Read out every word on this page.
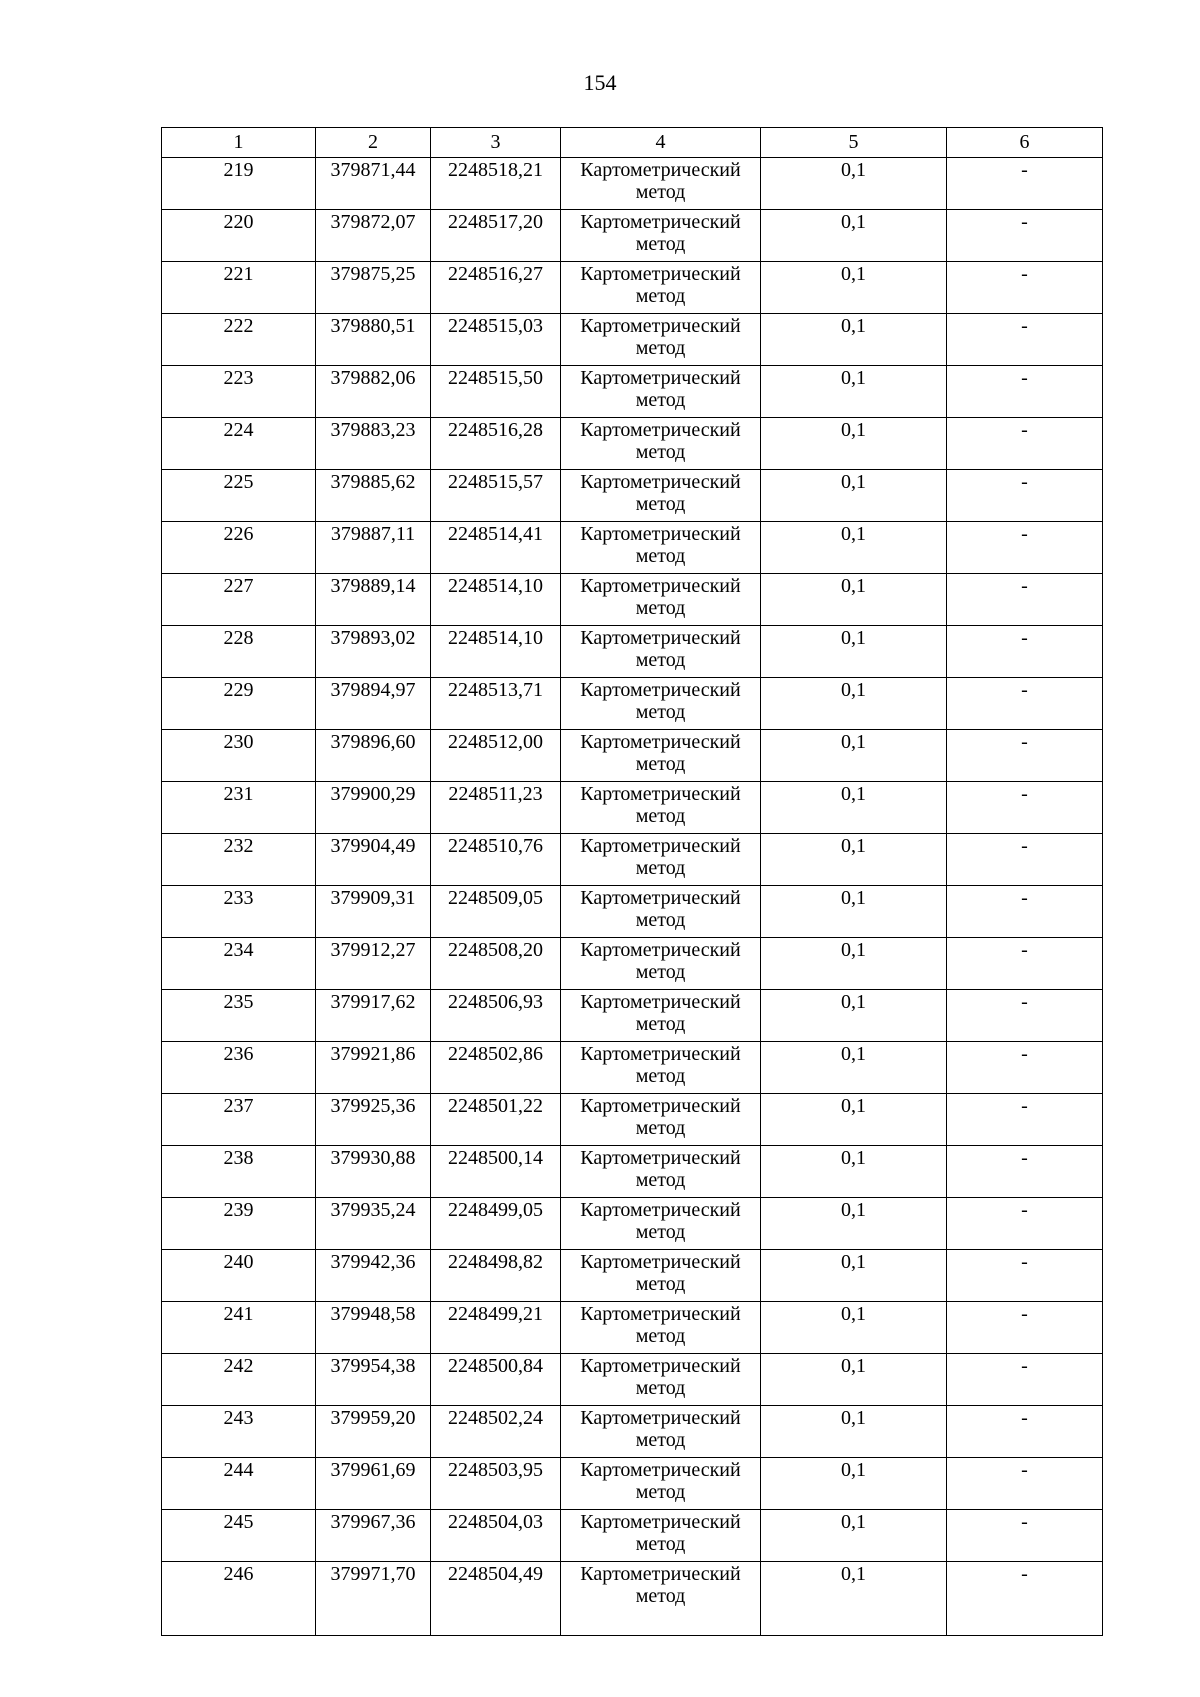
154
1	2	3	4	5	6
219	379871,44	2248518,21	Картометрический метод	0,1	-
220	379872,07	2248517,20	Картометрический метод	0,1	-
221	379875,25	2248516,27	Картометрический метод	0,1	-
222	379880,51	2248515,03	Картометрический метод	0,1	-
223	379882,06	2248515,50	Картометрический метод	0,1	-
224	379883,23	2248516,28	Картометрический метод	0,1	-
225	379885,62	2248515,57	Картометрический метод	0,1	-
226	379887,11	2248514,41	Картометрический метод	0,1	-
227	379889,14	2248514,10	Картометрический метод	0,1	-
228	379893,02	2248514,10	Картометрический метод	0,1	-
229	379894,97	2248513,71	Картометрический метод	0,1	-
230	379896,60	2248512,00	Картометрический метод	0,1	-
231	379900,29	2248511,23	Картометрический метод	0,1	-
232	379904,49	2248510,76	Картометрический метод	0,1	-
233	379909,31	2248509,05	Картометрический метод	0,1	-
234	379912,27	2248508,20	Картометрический метод	0,1	-
235	379917,62	2248506,93	Картометрический метод	0,1	-
236	379921,86	2248502,86	Картометрический метод	0,1	-
237	379925,36	2248501,22	Картометрический метод	0,1	-
238	379930,88	2248500,14	Картометрический метод	0,1	-
239	379935,24	2248499,05	Картометрический метод	0,1	-
240	379942,36	2248498,82	Картометрический метод	0,1	-
241	379948,58	2248499,21	Картометрический метод	0,1	-
242	379954,38	2248500,84	Картометрический метод	0,1	-
243	379959,20	2248502,24	Картометрический метод	0,1	-
244	379961,69	2248503,95	Картометрический метод	0,1	-
245	379967,36	2248504,03	Картометрический метод	0,1	-
246	379971,70	2248504,49	Картометрический метод	0,1	-
